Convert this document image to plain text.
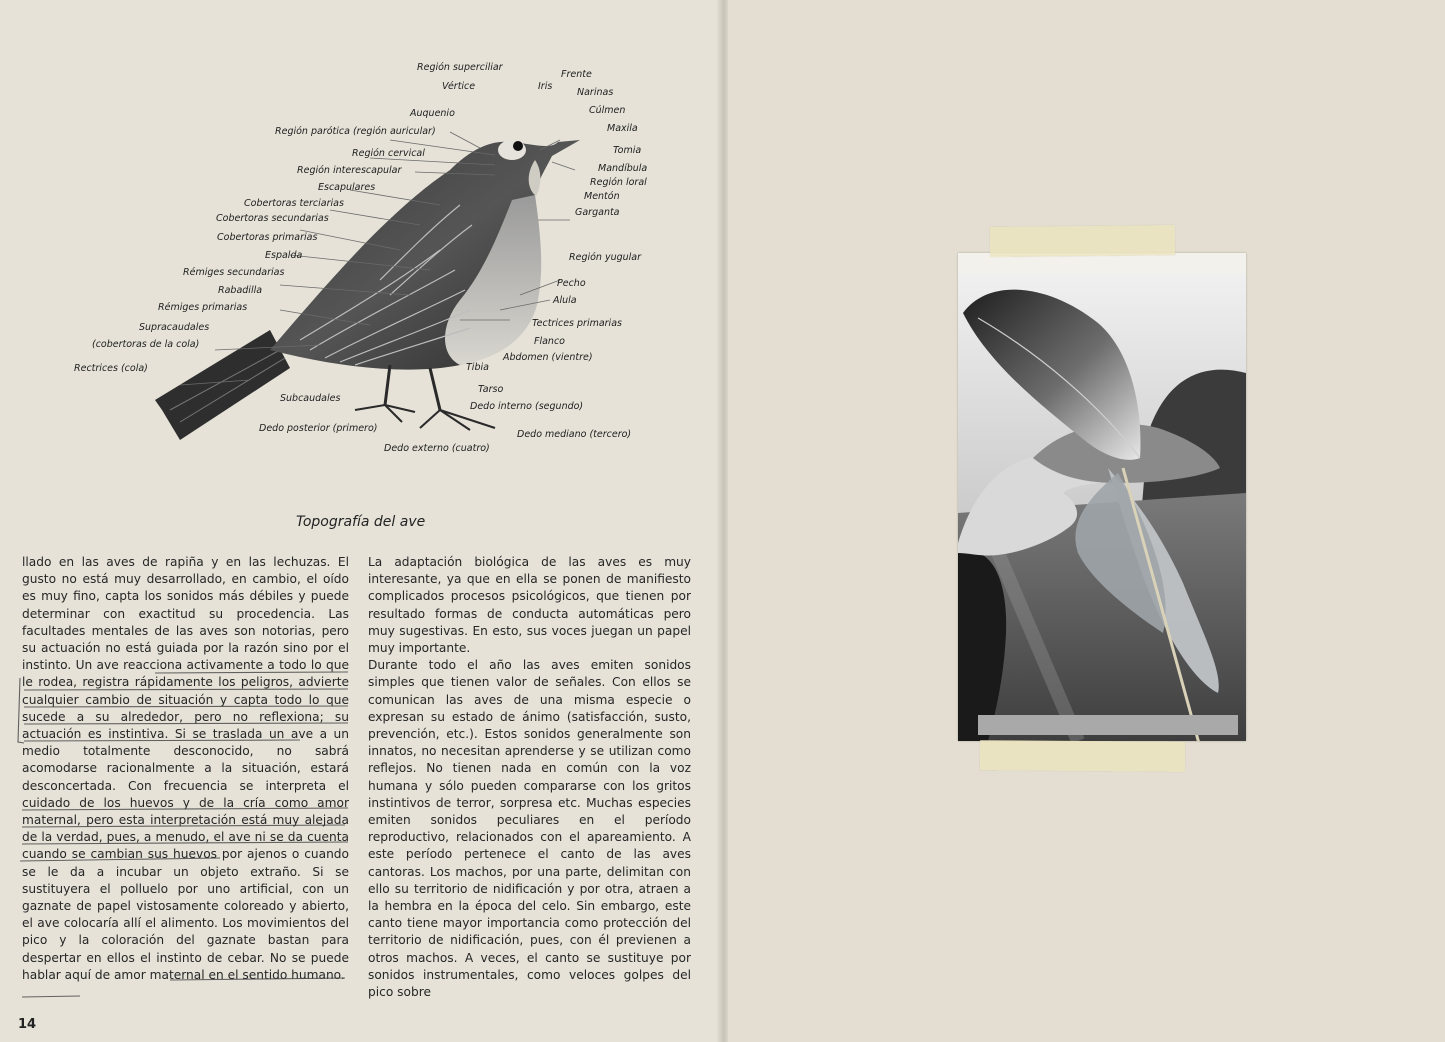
Región superciliar
Vértice	Iris
Frente
Narinas
Auquenio	Cúlmen
Región parótica (región auricular)	Maxila
Región cervical	Tomia
Región interescapular	Mandíbula
Región loral
Escapulares
Mentón
Cobertoras terciarias
Garganta
Cobertoras secundarias
Cobertoras primarias
Espalda	Región yugular
Rémiges secundarias
Pecho
Rabadilla
Alula
Rémiges primarias
Tectrices primarias
Supracaudales
(cobertoras de la cola)	Flanco
Abdomen (vientre)
Rectrices (cola)	Tibia
Tarso
Subcaudales
Dedo interno (segundo)
Dedo posterior (primero)
Dedo mediano (tercero)
Dedo externo (cuatro)
Topografía del ave

llado en las aves de rapiña y en las lechuzas. El gusto no está muy desarrollado, en cambio, el oído es muy fino, capta los sonidos más débiles y puede determinar con exactitud su procedencia. Las facultades mentales de las aves son notorias, pero su actuación no está guiada por la razón sino por el instinto. Un ave reacciona activamente a todo lo que le rodea, registra rápidamente los peligros, advierte cualquier cambio de situación y capta todo lo que sucede a su alrededor, pero no reflexiona; su actuación es instintiva. Si se traslada un ave a un medio totalmente desconocido, no sabrá acomodarse racionalmente a la situación, estará desconcertada. Con frecuencia se interpreta el cuidado de los huevos y de la cría como amor maternal, pero esta interpretación está muy alejada de la verdad, pues, a menudo, el ave ni se da cuenta cuando se cambian sus huevos por ajenos o cuando se le da a incubar un objeto extraño. Si se sustituyera el polluelo por uno artificial, con un gaznate de papel vistosamente coloreado y abierto, el ave colocaría allí el alimento. Los movimientos del pico y la coloración del gaznate bastan para despertar en ellos el instinto de cebar. No se puede hablar aquí de amor maternal en el sentido humano.

La adaptación biológica de las aves es muy interesante, ya que en ella se ponen de manifiesto complicados procesos psicológicos, que tienen por resultado formas de conducta automáticas pero muy sugestivas. En esto, sus voces juegan un papel muy importante.

Durante todo el año las aves emiten sonidos simples que tienen valor de señales. Con ellos se comunican las aves de una misma especie o expresan su estado de ánimo (satisfacción, susto, prevención, etc.). Estos sonidos generalmente son innatos, no necesitan aprenderse y se utilizan como reflejos. No tienen nada en común con la voz humana y sólo pueden compararse con los gritos instintivos de terror, sorpresa etc. Muchas especies emiten sonidos peculiares en el período reproductivo, relacionados con el apareamiento. A este período pertenece el canto de las aves cantoras. Los machos, por una parte, delimitan con ello su territorio de nidificación y por otra, atraen a la hembra en la época del celo. Sin embargo, este canto tiene mayor importancia como protección del territorio de nidificación, pues, con él previenen a otros machos. A veces, el canto se sustituye por sonidos instrumentales, como veloces golpes del pico sobre

14
